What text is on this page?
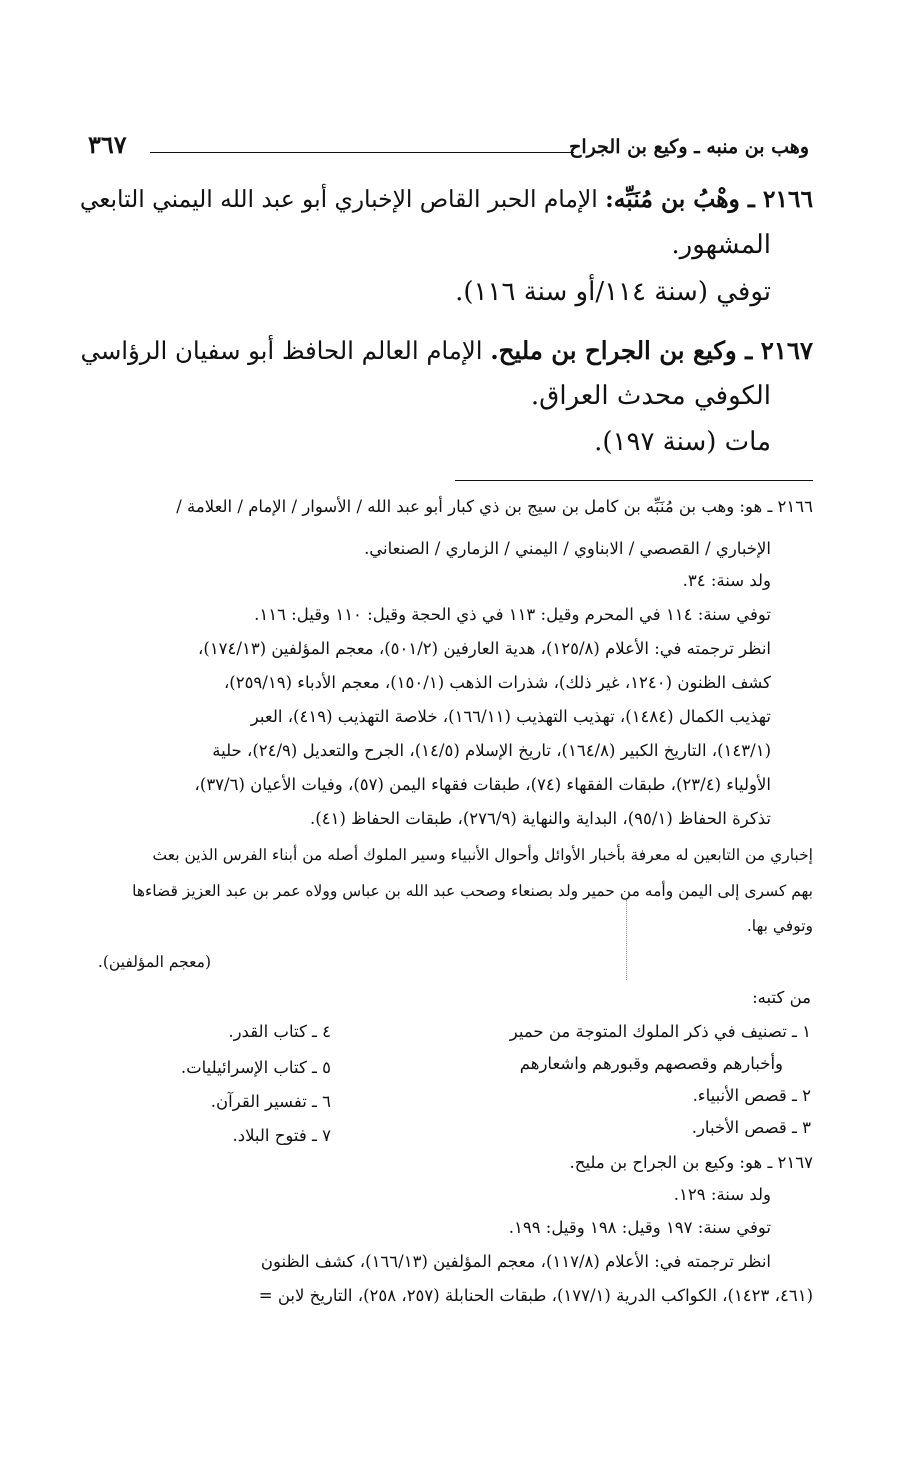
وهب بن منبه ـ وكيع بن الجراح
٣٦٧
٢١٦٦ ـ وهْبُ بن مُنَبِّه: الإمام الحبر القاص الإخباري أبو عبد الله اليمني التابعي
المشهور.
توفي (سنة ١١٤/أو سنة ١١٦).
٢١٦٧ ـ وكيع بن الجراح بن مليح. الإمام العالم الحافظ أبو سفيان الرؤاسي
الكوفي محدث العراق.
مات (سنة ١٩٧).
٢١٦٦ ـ هو: وهب بن مُنَبِّه بن كامل بن سيج بن ذي كبار أبو عبد الله / الأسوار / الإمام / العلامة /
الإخباري / القصصي / الابناوي / اليمني / الزماري / الصنعاني.
ولد سنة: ٣٤.
توفي سنة: ١١٤ في المحرم وقيل: ١١٣ في ذي الحجة وقيل: ١١٠ وقيل: ١١٦.
انظر ترجمته في: الأعلام (١٢٥/٨)، هدية العارفين (٥٠١/٢)، معجم المؤلفين (١٧٤/١٣)،
كشف الظنون (١٢٤٠، غير ذلك)، شذرات الذهب (١٥٠/١)، معجم الأدباء (٢٥٩/١٩)،
تهذيب الكمال (١٤٨٤)، تهذيب التهذيب (١٦٦/١١)، خلاصة التهذيب (٤١٩)، العبر
(١٤٣/١)، التاريخ الكبير (١٦٤/٨)، تاريخ الإسلام (١٤/٥)، الجرح والتعديل (٢٤/٩)، حلية
الأولياء (٢٣/٤)، طبقات الفقهاء (٧٤)، طبقات فقهاء اليمن (٥٧)، وفيات الأعيان (٣٧/٦)،
تذكرة الحفاظ (٩٥/١)، البداية والنهاية (٢٧٦/٩)، طبقات الحفاظ (٤١).
إخباري من التابعين له معرفة بأخبار الأوائل وأحوال الأنبياء وسير الملوك أصله من أبناء الفرس الذين بعث
بهم كسرى إلى اليمن وأمه من حمير ولد بصنعاء وصحب عبد الله بن عباس وولاه عمر بن عبد العزيز قضاءها
وتوفي بها.
(معجم المؤلفين).
من كتبه:
١ ـ تصنيف في ذكر الملوك المتوجة من حمير
وأخبارهم وقصصهم وقبورهم واشعارهم
٢ ـ قصص الأنبياء.
٣ ـ قصص الأخبار.
٤ ـ كتاب القدر.
٥ ـ كتاب الإسرائيليات.
٦ ـ تفسير القرآن.
٧ ـ فتوح البلاد.
٢١٦٧ ـ هو: وكيع بن الجراح بن مليح.
ولد سنة: ١٢٩.
توفي سنة: ١٩٧ وقيل: ١٩٨ وقيل: ١٩٩.
انظر ترجمته في: الأعلام (١١٧/٨)، معجم المؤلفين (١٦٦/١٣)، كشف الظنون
(٤٦١، ١٤٢٣)، الكواكب الدرية (١٧٧/١)، طبقات الحنابلة (٢٥٧، ٢٥٨)، التاريخ لابن =
